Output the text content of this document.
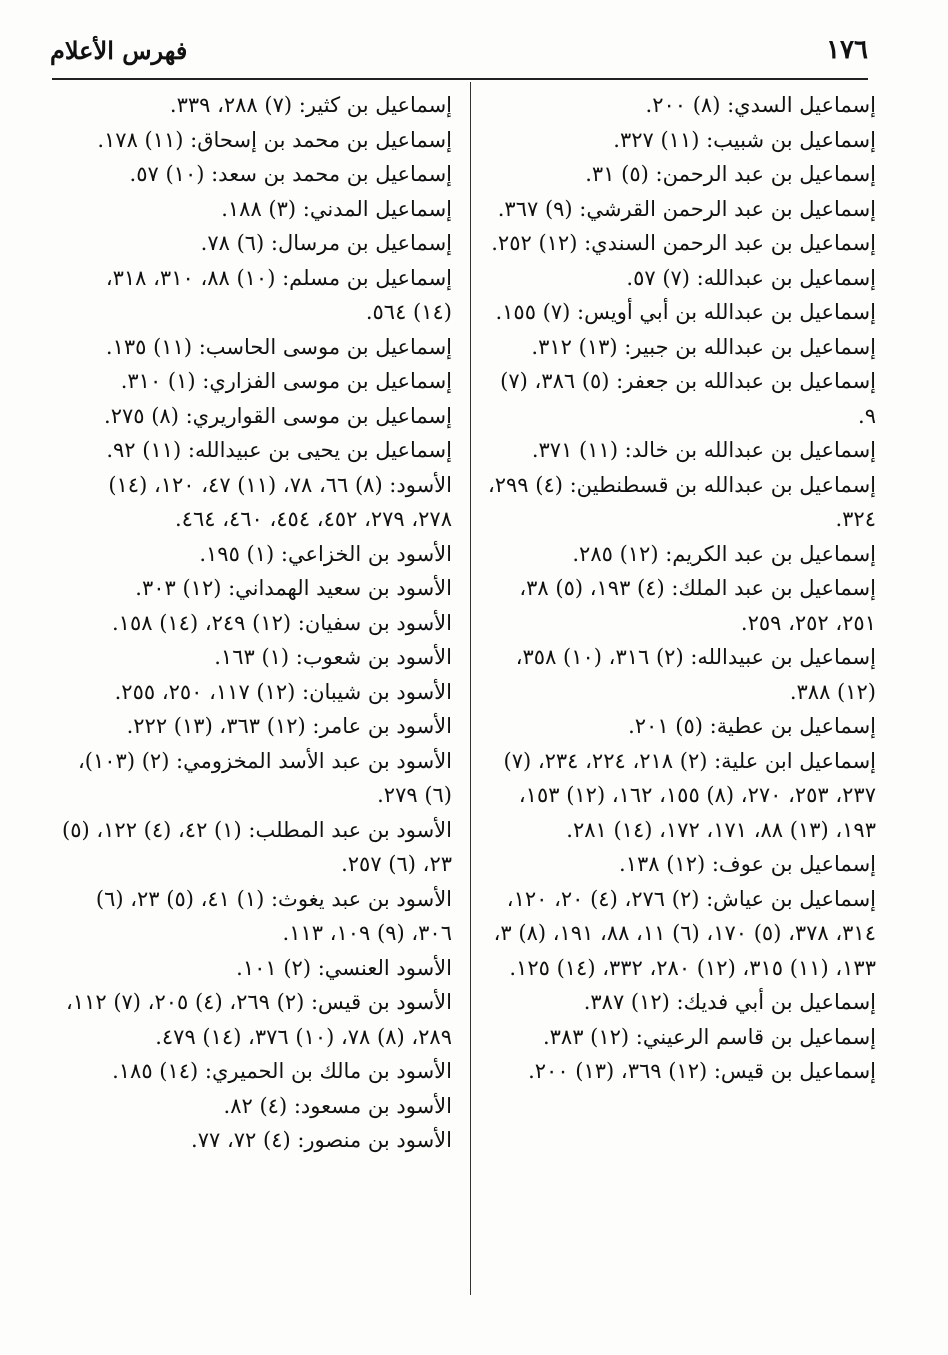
١٧٦
فهرس الأعلام
إسماعيل السدي: (٨) ٢٠٠.
إسماعيل بن شبيب: (١١) ٣٢٧.
إسماعيل بن عبد الرحمن: (٥) ٣١.
إسماعيل بن عبد الرحمن القرشي: (٩) ٣٦٧.
إسماعيل بن عبد الرحمن السندي: (١٢) ٢٥٢.
إسماعيل بن عبدالله: (٧) ٥٧.
إسماعيل بن عبدالله بن أبي أويس: (٧) ١٥٥.
إسماعيل بن عبدالله بن جبير: (١٣) ٣١٢.
إسماعيل بن عبدالله بن جعفر: (٥) ٣٨٦، (٧) ٩.
إسماعيل بن عبدالله بن خالد: (١١) ٣٧١.
إسماعيل بن عبدالله بن قسطنطين: (٤) ٢٩٩، ٣٢٤.
إسماعيل بن عبد الكريم: (١٢) ٢٨٥.
إسماعيل بن عبد الملك: (٤) ١٩٣، (٥) ٣٨، ٢٥١، ٢٥٢، ٢٥٩.
إسماعيل بن عبيدالله: (٢) ٣١٦، (١٠) ٣٥٨، (١٢) ٣٨٨.
إسماعيل بن عطية: (٥) ٢٠١.
إسماعيل ابن علية: (٢) ٢١٨، ٢٢٤، ٢٣٤، (٧) ٢٣٧، ٢٥٣، ٢٧٠، (٨) ١٥٥، ١٦٢، (١٢) ١٥٣، ١٩٣، (١٣) ٨٨، ١٧١، ١٧٢، (١٤) ٢٨١.
إسماعيل بن عوف: (١٢) ١٣٨.
إسماعيل بن عياش: (٢) ٢٧٦، (٤) ٢٠، ١٢٠، ٣١٤، ٣٧٨، (٥) ١٧٠، (٦) ١١، ٨٨، ١٩١، (٨) ٣، ١٣٣، (١١) ٣١٥، (١٢) ٢٨٠، ٣٣٢، (١٤) ١٢٥.
إسماعيل بن أبي فديك: (١٢) ٣٨٧.
إسماعيل بن قاسم الرعيني: (١٢) ٣٨٣.
إسماعيل بن قيس: (١٢) ٣٦٩، (١٣) ٢٠٠.
إسماعيل بن كثير: (٧) ٢٨٨، ٣٣٩.
إسماعيل بن محمد بن إسحاق: (١١) ١٧٨.
إسماعيل بن محمد بن سعد: (١٠) ٥٧.
إسماعيل المدني: (٣) ١٨٨.
إسماعيل بن مرسال: (٦) ٧٨.
إسماعيل بن مسلم: (١٠) ٨٨، ٣١٠، ٣١٨، (١٤) ٥٦٤.
إسماعيل بن موسى الحاسب: (١١) ١٣٥.
إسماعيل بن موسى الفزاري: (١) ٣١٠.
إسماعيل بن موسى القواريري: (٨) ٢٧٥.
إسماعيل بن يحيى بن عبيدالله: (١١) ٩٢.
الأسود: (٨) ٦٦، ٧٨، (١١) ٤٧، ١٢٠، (١٤) ٢٧٨، ٢٧٩، ٤٥٢، ٤٥٤، ٤٦٠، ٤٦٤.
الأسود بن الخزاعي: (١) ١٩٥.
الأسود بن سعيد الهمداني: (١٢) ٣٠٣.
الأسود بن سفيان: (١٢) ٢٤٩، (١٤) ١٥٨.
الأسود بن شعوب: (١) ١٦٣.
الأسود بن شيبان: (١٢) ١١٧، ٢٥٠، ٢٥٥.
الأسود بن عامر: (١٢) ٣٦٣، (١٣) ٢٢٢.
الأسود بن عبد الأسد المخزومي: (٢) (١٠٣)، (٦) ٢٧٩.
الأسود بن عبد المطلب: (١) ٤٢، (٤) ١٢٢، (٥) ٢٣، (٦) ٢٥٧.
الأسود بن عبد يغوث: (١) ٤١، (٥) ٢٣، (٦) ٣٠٦، (٩) ١٠٩، ١١٣.
الأسود العنسي: (٢) ١٠١.
الأسود بن قيس: (٢) ٢٦٩، (٤) ٢٠٥، (٧) ١١٢، ٢٨٩، (٨) ٧٨، (١٠) ٣٧٦، (١٤) ٤٧٩.
الأسود بن مالك بن الحميري: (١٤) ١٨٥.
الأسود بن مسعود: (٤) ٨٢.
الأسود بن منصور: (٤) ٧٢، ٧٧.
